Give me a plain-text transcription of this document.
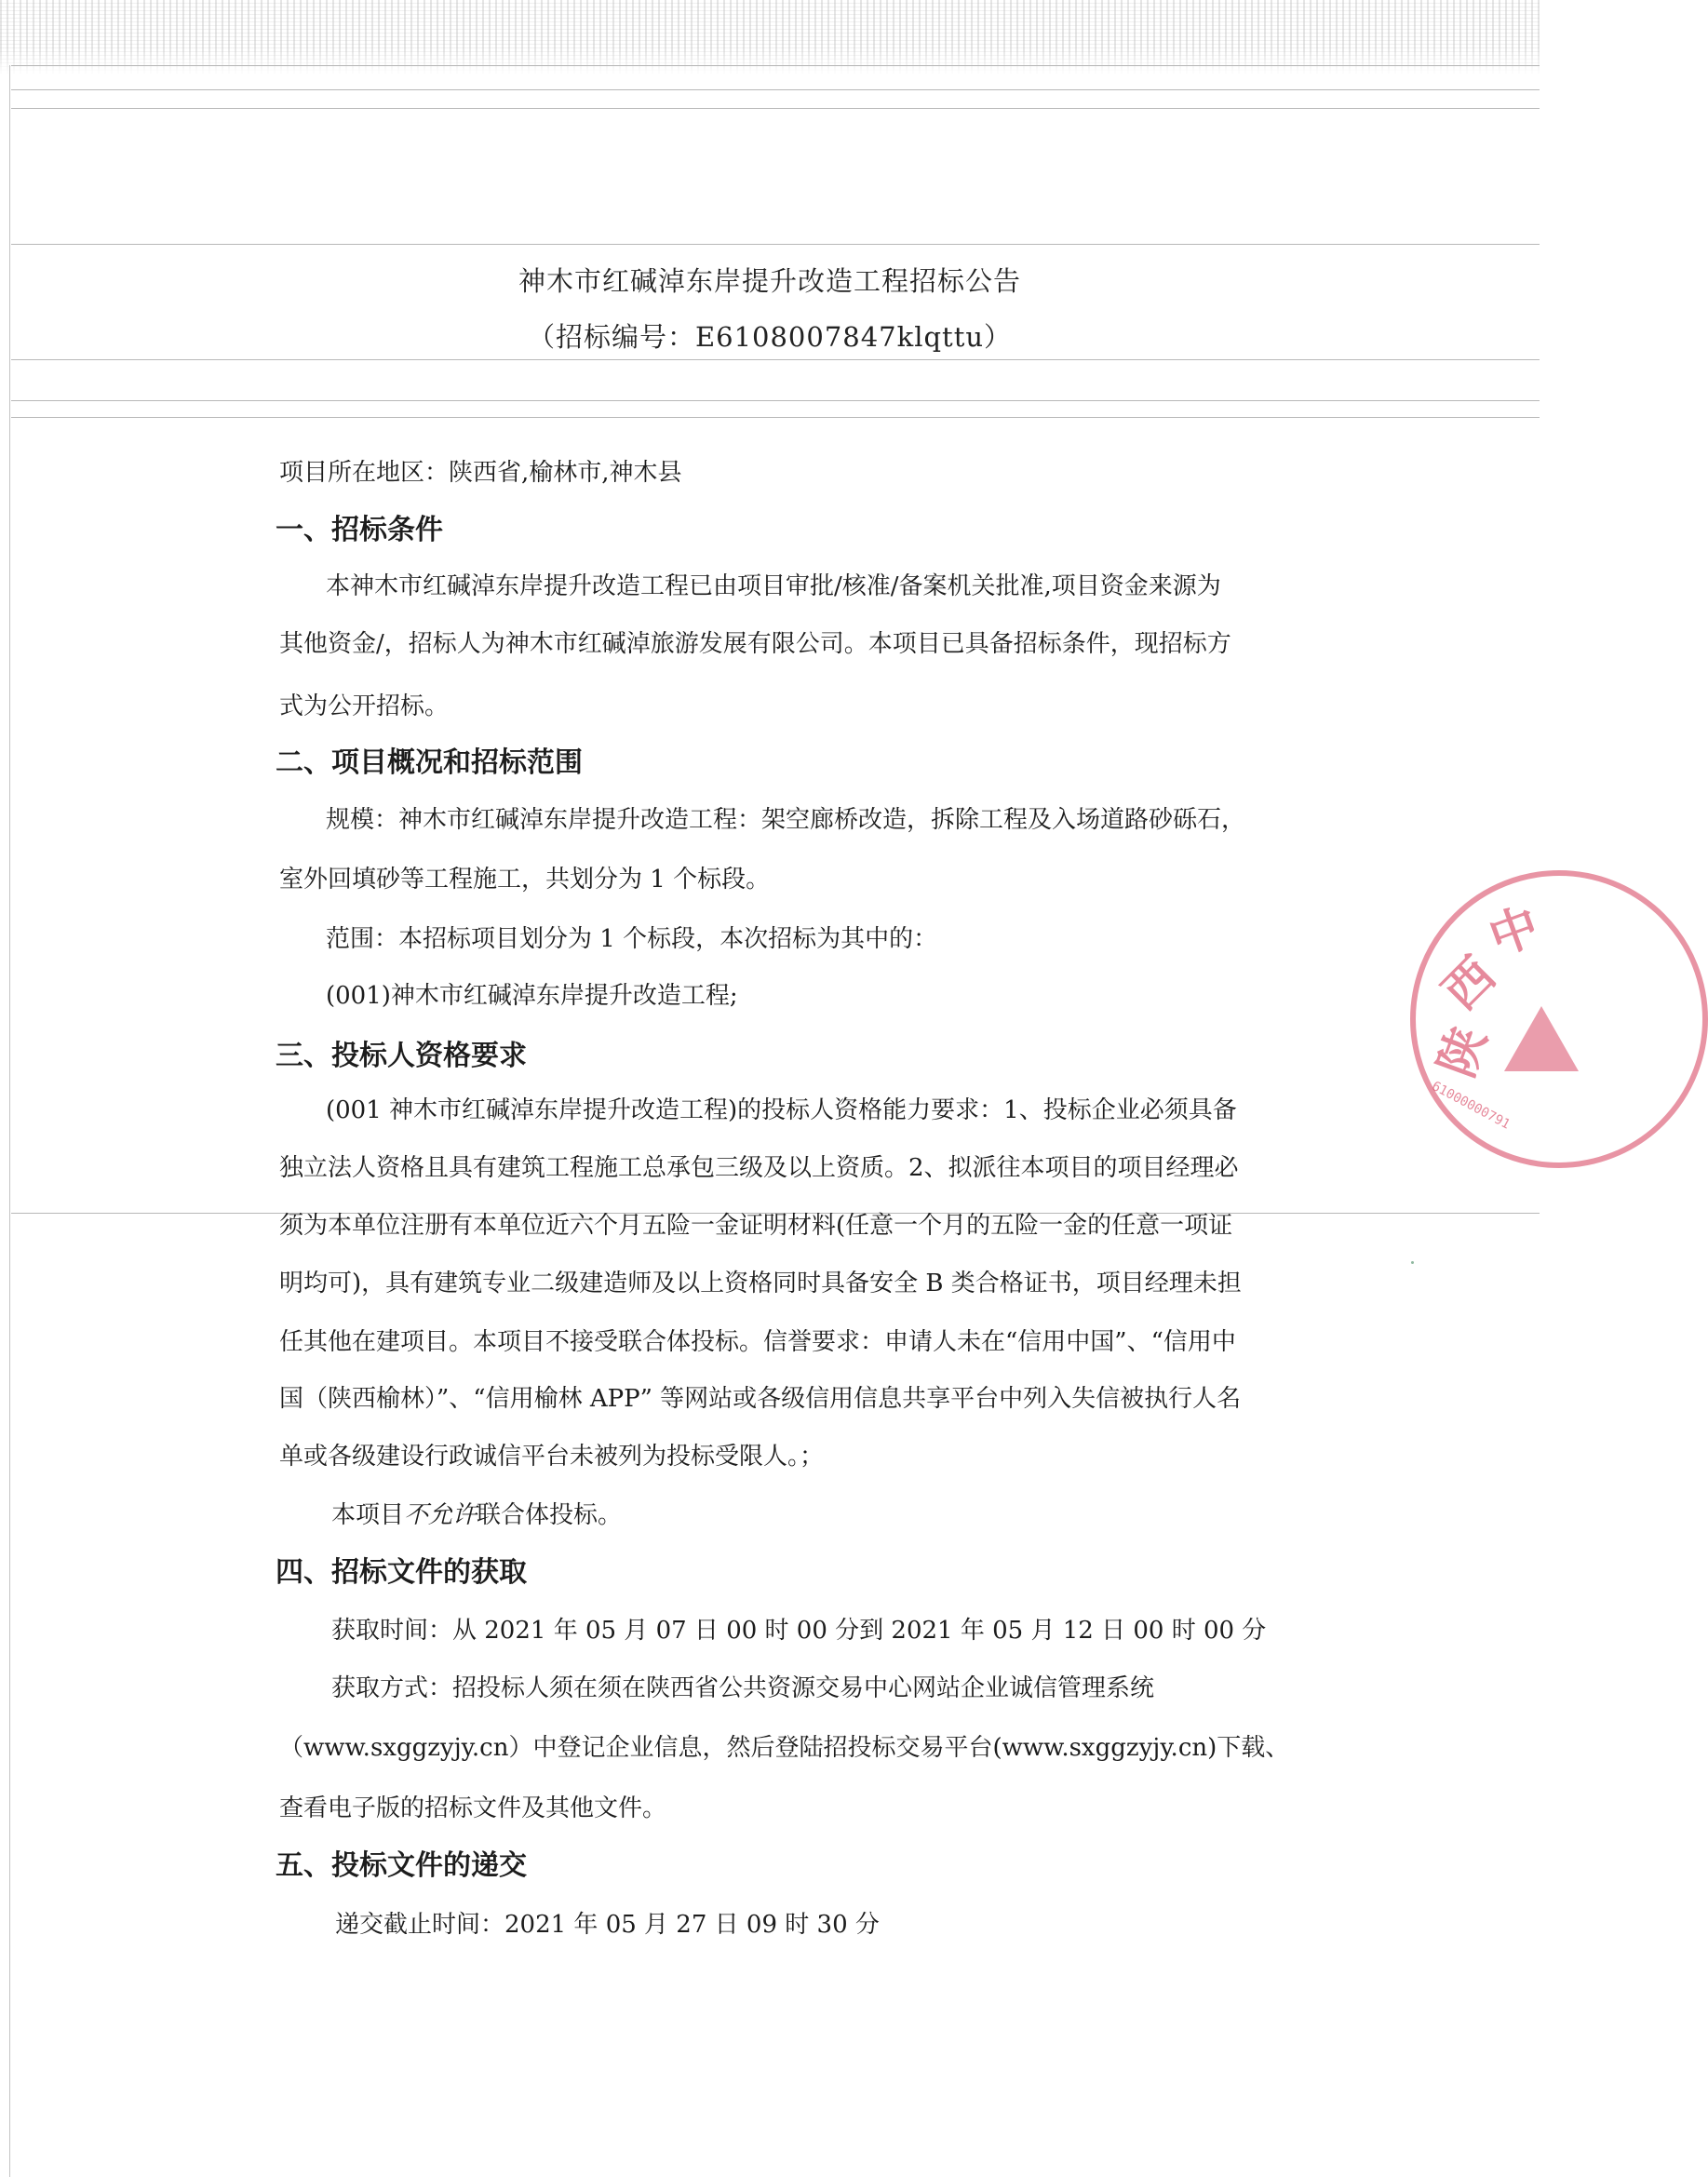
神木市红碱淖东岸提升改造工程招标公告
（招标编号：E6108007847klqttu）
项目所在地区：陕西省,榆林市,神木县
一、招标条件
本神木市红碱淖东岸提升改造工程已由项目审批/核准/备案机关批准,项目资金来源为
其他资金/，招标人为神木市红碱淖旅游发展有限公司。本项目已具备招标条件，现招标方
式为公开招标。
二、项目概况和招标范围
规模：神木市红碱淖东岸提升改造工程：架空廊桥改造，拆除工程及入场道路砂砾石，
室外回填砂等工程施工，共划分为 1 个标段。
范围：本招标项目划分为 1 个标段，本次招标为其中的：
(001)神木市红碱淖东岸提升改造工程;
三、投标人资格要求
(001 神木市红碱淖东岸提升改造工程)的投标人资格能力要求：1、投标企业必须具备
独立法人资格且具有建筑工程施工总承包三级及以上资质。2、拟派往本项目的项目经理必
须为本单位注册有本单位近六个月五险一金证明材料(任意一个月的五险一金的任意一项证
明均可)，具有建筑专业二级建造师及以上资格同时具备安全 B 类合格证书，项目经理未担
任其他在建项目。本项目不接受联合体投标。信誉要求：申请人未在“信用中国”、“信用中
国（陕西榆林）”、“信用榆林 APP” 等网站或各级信用信息共享平台中列入失信被执行人名
单或各级建设行政诚信平台未被列为投标受限人。；
本项目不允许联合体投标。
四、招标文件的获取
获取时间：从 2021 年 05 月 07 日 00 时 00 分到 2021 年 05 月 12 日 00 时 00 分
获取方式：招投标人须在须在陕西省公共资源交易中心网站企业诚信管理系统
（www.sxggzyjy.cn）中登记企业信息，然后登陆招投标交易平台(www.sxggzyjy.cn)下载、
查看电子版的招标文件及其他文件。
五、投标文件的递交
递交截止时间：2021 年 05 月 27 日 09 时 30 分
陕
西
中
61000000791
